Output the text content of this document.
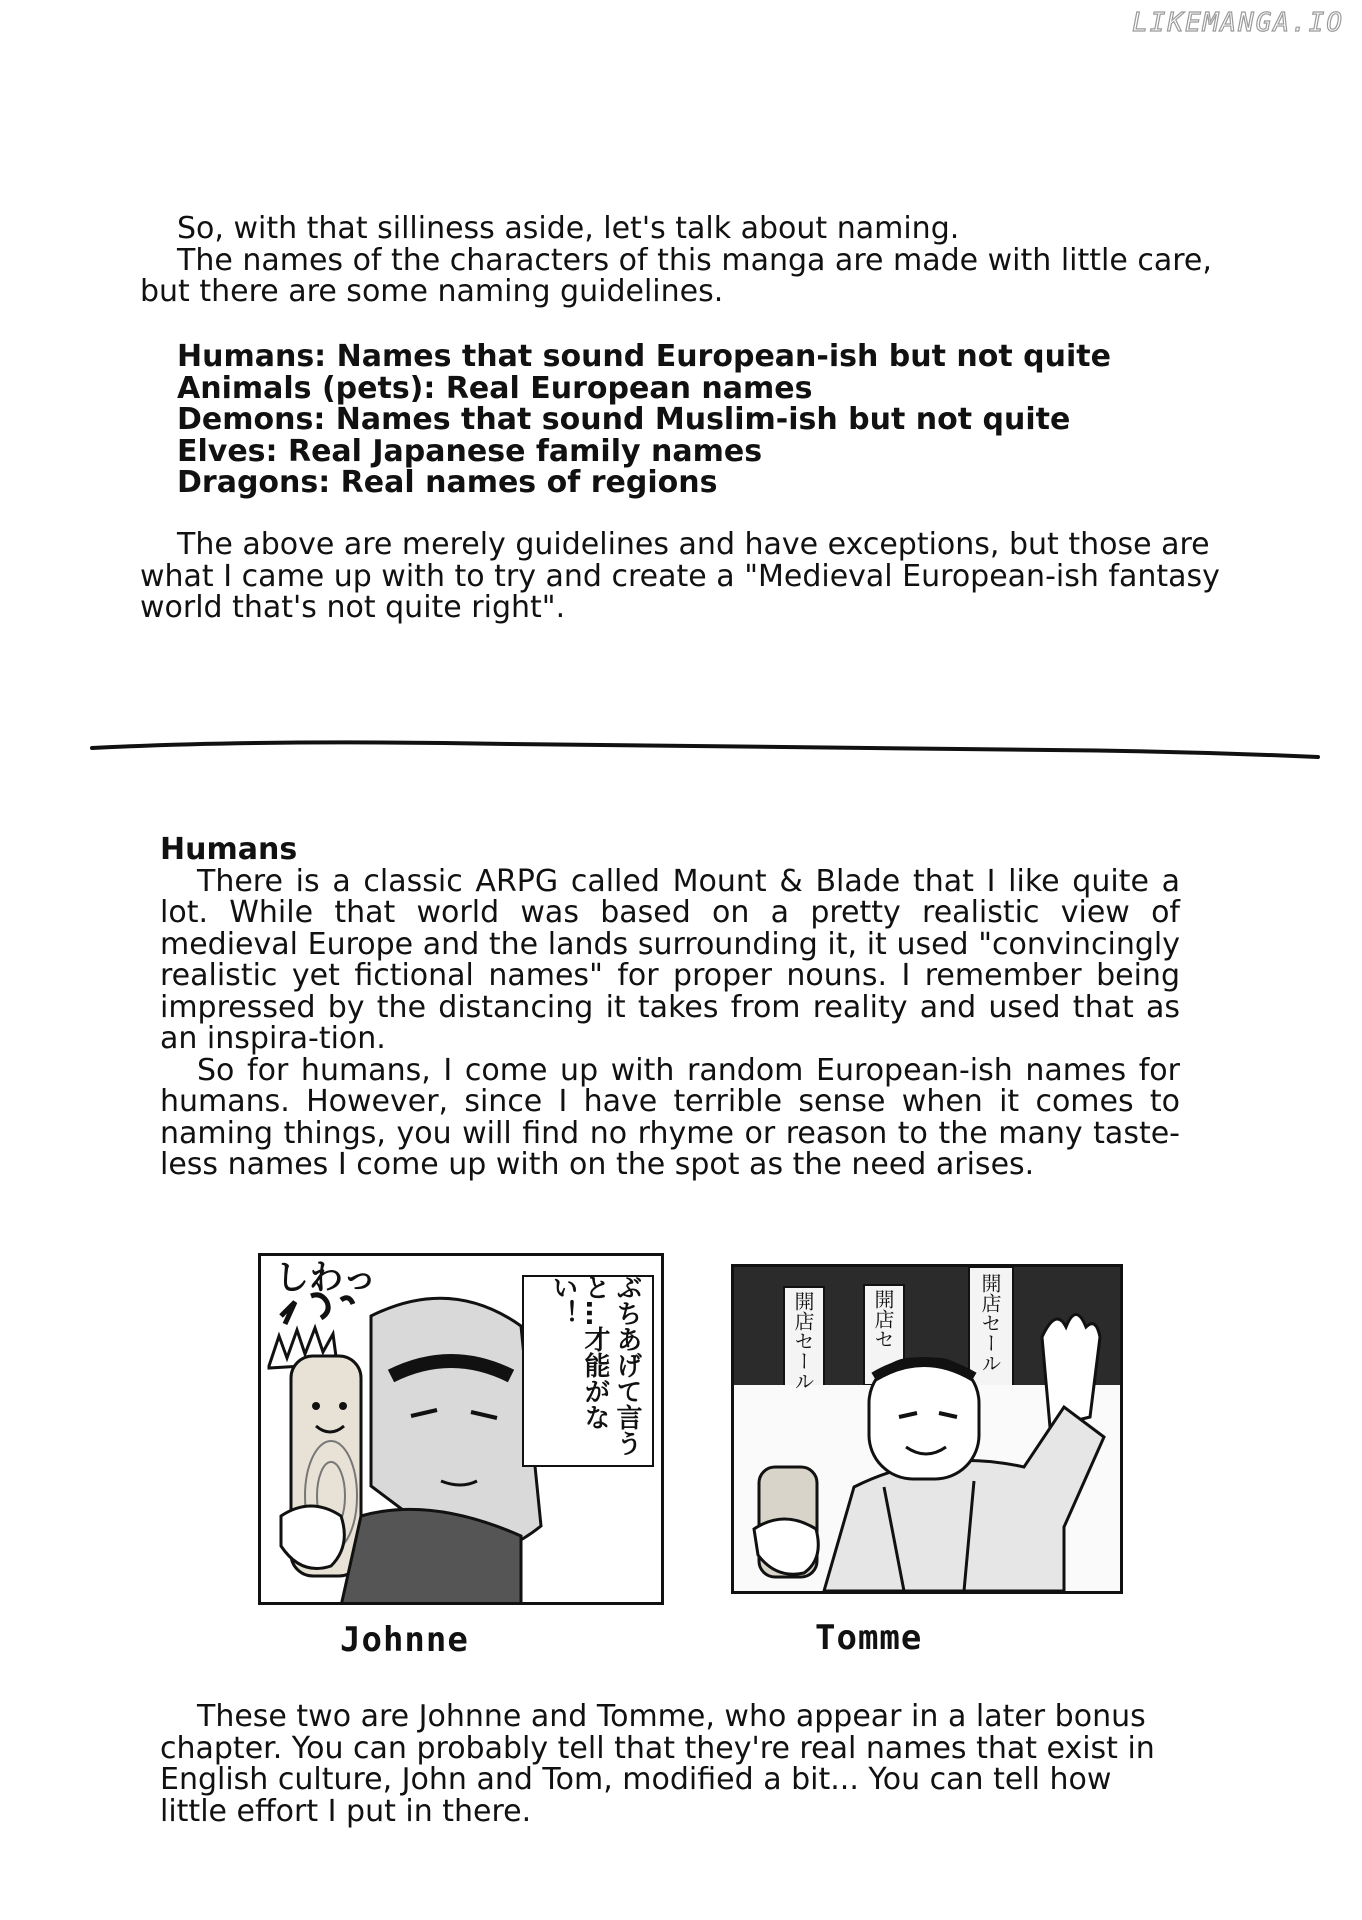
LIKEMANGA.IO

So, with that silliness aside, let's talk about naming.

The names of the characters of this manga are made with little care, but there are some naming guidelines.

Humans: Names that sound European-ish but not quite
Animals (pets): Real European names
Demons: Names that sound Muslim-ish but not quite
Elves: Real Japanese family names
Dragons: Real names of regions

The above are merely guidelines and have exceptions, but those are what I came up with to try and create a "Medieval European-ish fantasy world that's not quite right".

Humans

There is a classic ARPG called Mount & Blade that I like quite a lot. While that world was based on a pretty realistic view of medieval Europe and the lands surrounding it, it used "convincingly realistic yet fictional names" for proper nouns. I remember being impressed by the distancing it takes from reality and used that as an inspira-tion.

So for humans, I come up with random European-ish names for humans. However, since I have terrible sense when it comes to naming things, you will find no rhyme or reason to the many taste-less names I come up with on the spot as the need arises.

ぶちあげて言うと…才能がない！
しわっ
Johnne
開店セール	開店セ	開店セール
Tomme

These two are Johnne and Tomme, who appear in a later bonus chapter. You can probably tell that they're real names that exist in English culture, John and Tom, modified a bit... You can tell how little effort I put in there.
